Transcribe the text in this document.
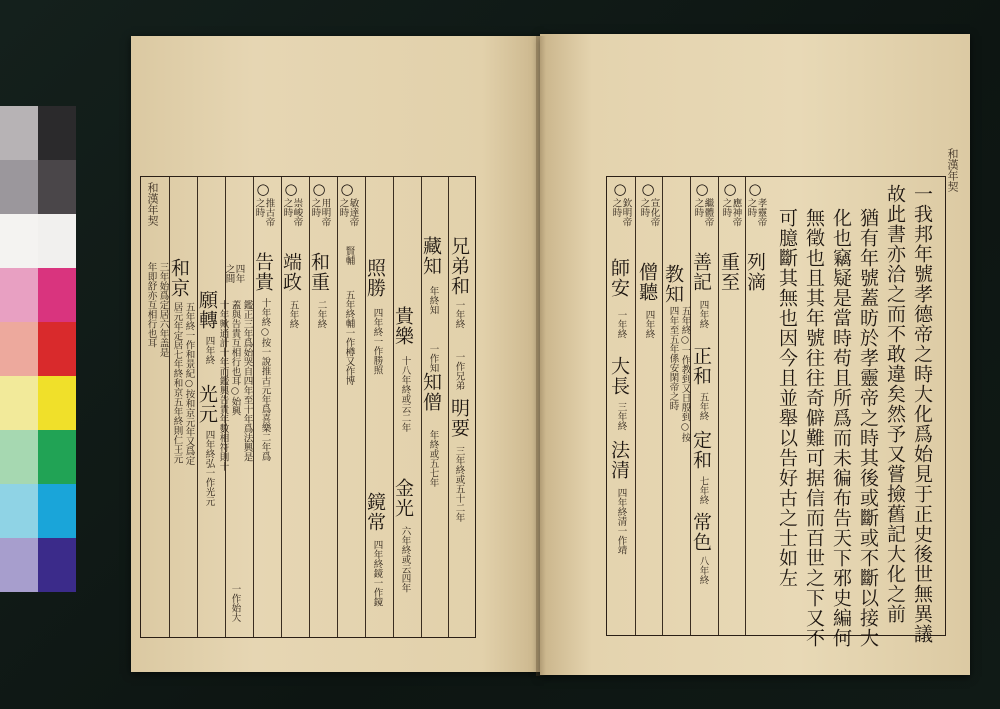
和漢年契
兄弟和
一年終
一作兄弟
明要
三年終或五十二年
藏知
年終知
一作知
知僧
年終或五七年
貴樂
十八年終或云二年
金光
六年終或云四年
照勝
四年終一作勝照
鏡常
四年終鏡一作鏡
○
敏達帝
之時
賢輔
五年終輔一作樽又作博
○
用明帝
之時
和重
二年終
○
崇峻帝
之時
端政
五年終
○
推古帝
之時
告貴
十年終○按一說推古元年爲喜樂二年爲
四年
之間
蓋與告貴互相行也耳○始興 鑑正三年爲始哭自四年至十年爲法興是
十年歟通計十年而鑑興告貴年數相符則十
一作始大
願轉
四年終
光元
四年終弘一作光元
和京
五年終一作和景紀○按和京元年又爲定
居元年定居七年終和京五年終則仁王元
三年始爲定居六年盖是
年即舒亦互相行也耳
和漢年契
一我邦年號孝德帝之時大化爲始見于正史後世無異議
故此書亦洽之而不敢違矣然予又嘗撿舊記大化之前
猶有年號蓋昉於孝靈帝之時其後或斷或不斷以接大
化也竊疑是當時苟且所爲而未徧布告天下邪史編何
無徵也且其年號往往奇僻難可据信而百世之下又不
可臆斷其無也因今且並舉以告好古之士如左
○
孝靈帝
之時
列滴
○
應神帝
之時
重至
○
繼體帝
之時
善記
四年終
正和
五年終
定和
七年終
常色
八年終
教知
五年終○一作教到又日殷到○按
四年至五年係安閑帝之時
○
宣化帝
之時
僧聽
四年終
○
欽明帝
之時
師安
一年終
大長
三年終
法清
四年終清一作靖
